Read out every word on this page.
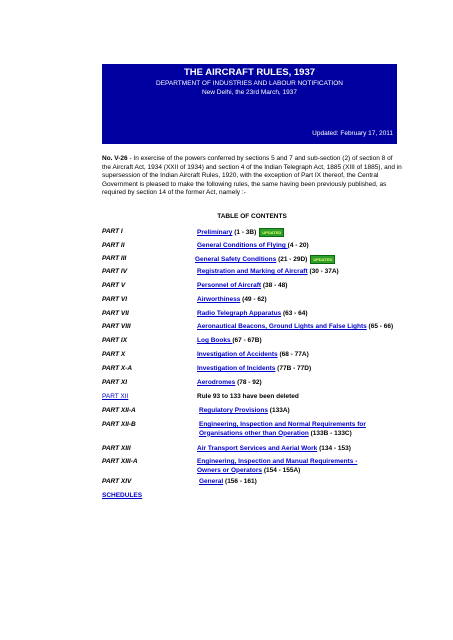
THE AIRCRAFT RULES, 1937
DEPARTMENT OF INDUSTRIES AND LABOUR NOTIFICATION
New Delhi, the 23rd March, 1937
Updated: February 17, 2011
No. V-26 - In exercise of the powers conferred by sections 5 and 7 and sub-section (2) of section 8 of the Aircraft Act, 1934 (XXII of 1934) and section 4 of the Indian Telegraph Act, 1885 (XIII of 1885), and in supersession of the Indian Aircraft Rules, 1920, with the exception of Part IX thereof, the Central Government is pleased to make the following rules, the same having been previously published, as required by section 14 of the former Act, namely :-
TABLE OF CONTENTS
PART I	Preliminary (1 - 3B) UPDATED
PART II	General Conditions of Flying (4 - 20)
PART III	General Safety Conditions (21 - 29D) UPDATED
PART IV	Registration and Marking of Aircraft (30 - 37A)
PART V	Personnel of Aircraft (38 - 48)
PART VI	Airworthiness (49 - 62)
PART VII	Radio Telegraph Apparatus (63 - 64)
PART VIII	Aeronautical Beacons, Ground Lights and False Lights (65 - 66)
PART IX	Log Books (67 - 67B)
PART X	Investigation of Accidents (68 - 77A)
PART X-A	Investigation of Incidents (77B - 77D)
PART XI	Aerodromes (78 - 92)
PART XII	Rule 93 to 133 have been deleted
PART XII-A	Regulatory Provisions (133A)
PART XII-B	Engineering, Inspection and Normal Requirements for Organisations other than Operation (133B - 133C)
PART XIII	Air Transport Services and Aerial Work (134 - 153)
PART XIII-A	Engineering, Inspection and Manual Requirements - Owners or Operators (154 - 155A)
PART XIV	General (156 - 161)
SCHEDULES
